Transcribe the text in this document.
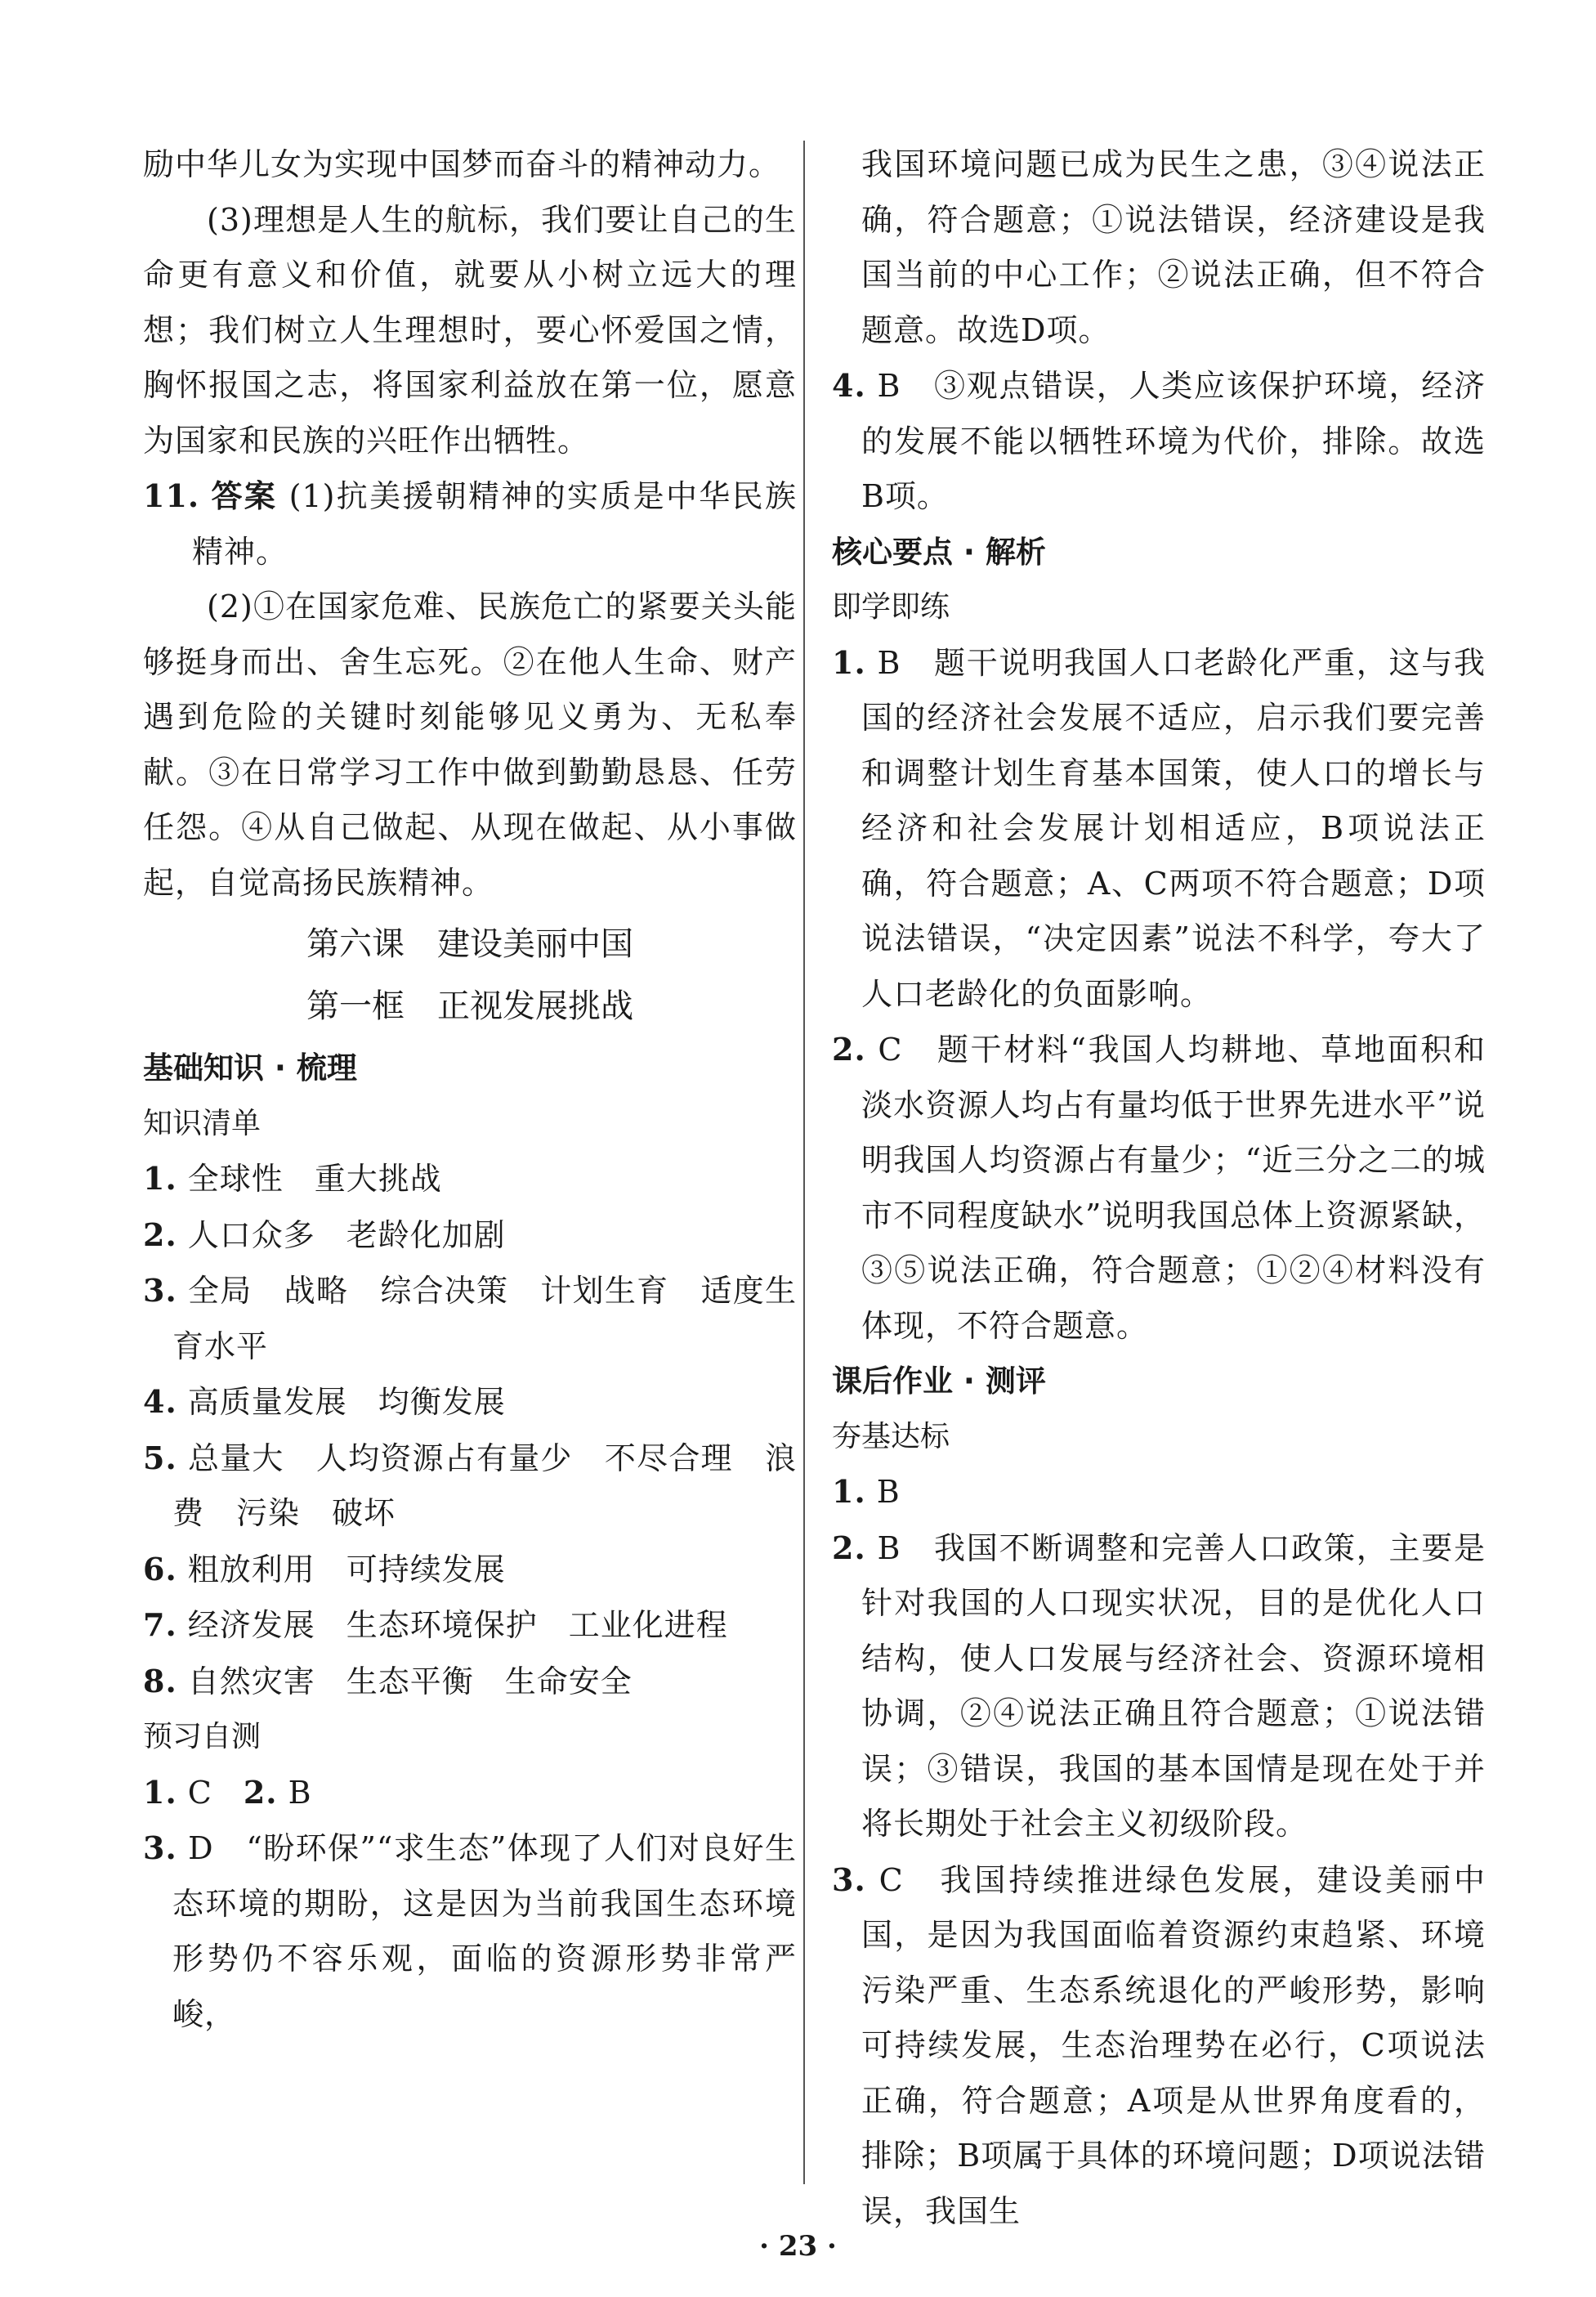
励中华儿女为实现中国梦而奋斗的精神动力。

(3)理想是人生的航标，我们要让自己的生命更有意义和价值，就要从小树立远大的理想；我们树立人生理想时，要心怀爱国之情，胸怀报国之志，将国家利益放在第一位，愿意为国家和民族的兴旺作出牺牲。

11. 答案 (1)抗美援朝精神的实质是中华民族精神。

(2)①在国家危难、民族危亡的紧要关头能够挺身而出、舍生忘死。②在他人生命、财产遇到危险的关键时刻能够见义勇为、无私奉献。③在日常学习工作中做到勤勤恳恳、任劳任怨。④从自己做起、从现在做起、从小事做起，自觉高扬民族精神。

第六课　建设美丽中国

第一框　正视发展挑战

基础知识 · 梳理

知识清单

1. 全球性 重大挑战

2. 人口众多 老龄化加剧

3. 全局　战略　综合决策　计划生育　适度生育水平

4. 高质量发展 均衡发展

5. 总量大　人均资源占有量少　不尽合理　浪费　污染　破坏

6. 粗放利用 可持续发展

7. 经济发展 生态环境保护 工业化进程

8. 自然灾害 生态平衡 生命安全

预习自测

1. C 2. B

3. D　“盼环保”“求生态”体现了人们对良好生态环境的期盼，这是因为当前我国生态环境形势仍不容乐观，面临的资源形势非常严峻，

我国环境问题已成为民生之患，③④说法正确，符合题意；①说法错误，经济建设是我国当前的中心工作；②说法正确，但不符合题意。故选D项。

4. B　③观点错误，人类应该保护环境，经济的发展不能以牺牲环境为代价，排除。故选B项。

核心要点 · 解析

即学即练

1. B　题干说明我国人口老龄化严重，这与我国的经济社会发展不适应，启示我们要完善和调整计划生育基本国策，使人口的增长与经济和社会发展计划相适应，B项说法正确，符合题意；A、C两项不符合题意；D项说法错误，“决定因素”说法不科学，夸大了人口老龄化的负面影响。

2. C　题干材料“我国人均耕地、草地面积和淡水资源人均占有量均低于世界先进水平”说明我国人均资源占有量少；“近三分之二的城市不同程度缺水”说明我国总体上资源紧缺，③⑤说法正确，符合题意；①②④材料没有体现，不符合题意。

课后作业 · 测评

夯基达标

1. B

2. B　我国不断调整和完善人口政策，主要是针对我国的人口现实状况，目的是优化人口结构，使人口发展与经济社会、资源环境相协调，②④说法正确且符合题意；①说法错误；③错误，我国的基本国情是现在处于并将长期处于社会主义初级阶段。

3. C　我国持续推进绿色发展，建设美丽中国，是因为我国面临着资源约束趋紧、环境污染严重、生态系统退化的严峻形势，影响可持续发展，生态治理势在必行，C项说法正确，符合题意；A项是从世界角度看的，排除；B项属于具体的环境问题；D项说法错误，我国生

· 23 ·
